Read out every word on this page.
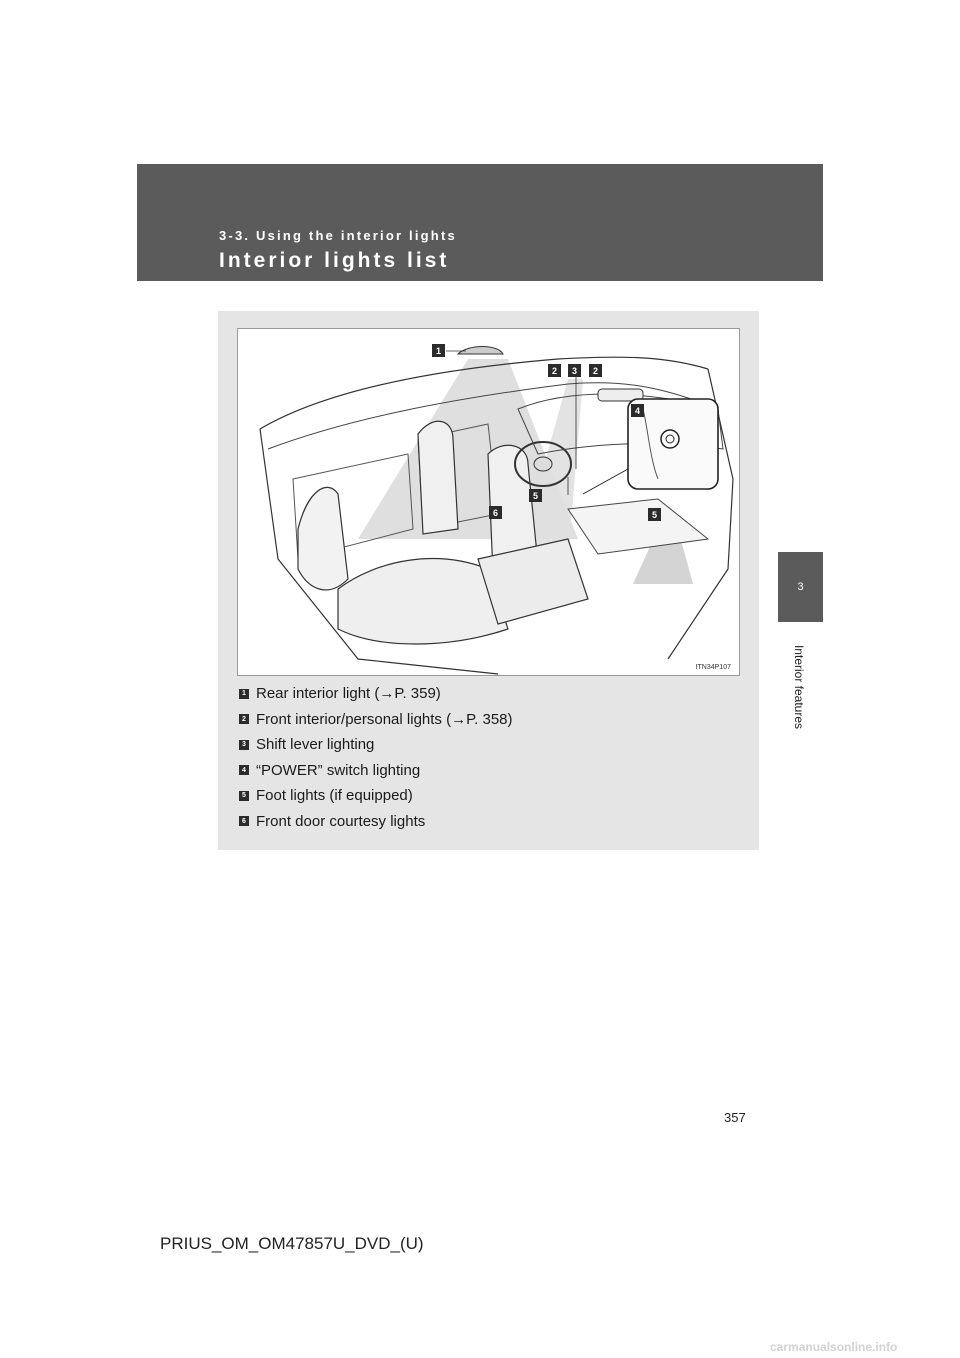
3-3. Using the interior lights
Interior lights list
3
Interior features
1
2	3	2
4
5
6	5
ITN34P107
1 Rear interior light (→P. 359)
2 Front interior/personal lights (→P. 358)
3 Shift lever lighting
4 “POWER” switch lighting
5 Foot lights (if equipped)
6 Front door courtesy lights
357
PRIUS_OM_OM47857U_DVD_(U)
carmanualsonline.info
